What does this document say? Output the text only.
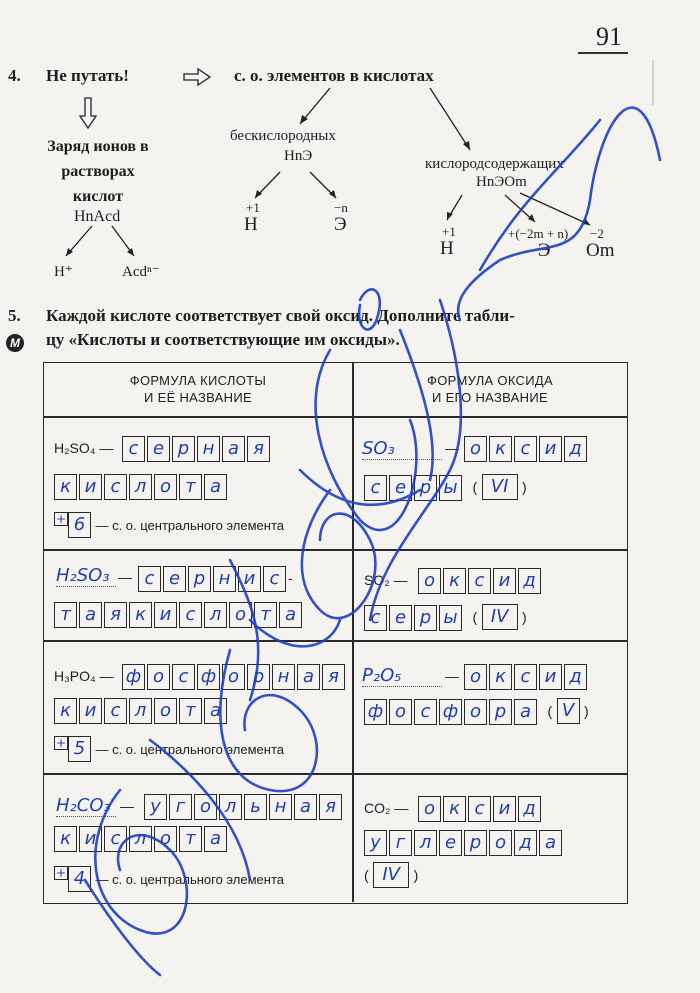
91
4. Не путать!	с. о. элементов в кислотах
Заряд ионов в растворах кислот
HnAcd
H⁺	Acdⁿ⁻
бескислородных
HnЭ
+1
H
−n
Э
кислородсодержащих
HnЭOm
+1
H
+(−2m + n)
Э
−2
Om
5.
М
Каждой кислоте соответствует свой оксид. Дополните табли-
цу «Кислоты и соответствующие им оксиды».
ФОРМУЛА КИСЛОТЫ
И ЕЁ НАЗВАНИЕ
ФОРМУЛА ОКСИДА
И ЕГО НАЗВАНИЕ
H₂SO₄ — с е р н а я
к и с л о т а
+ 6 — с. о. центрального элемента
SO₃	— о к с и д
с е р ы	( VI )
H₂SO₃ — с е р н и с -
т а я к и с л о т а
SO₂ — о к с и д
с е р ы	( IV )
H₃PO₄ — ф о с ф о р н а я
к и с л о т а
+ 5 — с. о. центрального элемента
P₂O₅	— о к с и д
ф о с ф о р а	( V )
H₂CO₃ — у г о л ь н а я
к и с л о т а
+ 4 — с. о. центрального элемента
CO₂ — о к с и д
у г л е р о д а
( IV )
